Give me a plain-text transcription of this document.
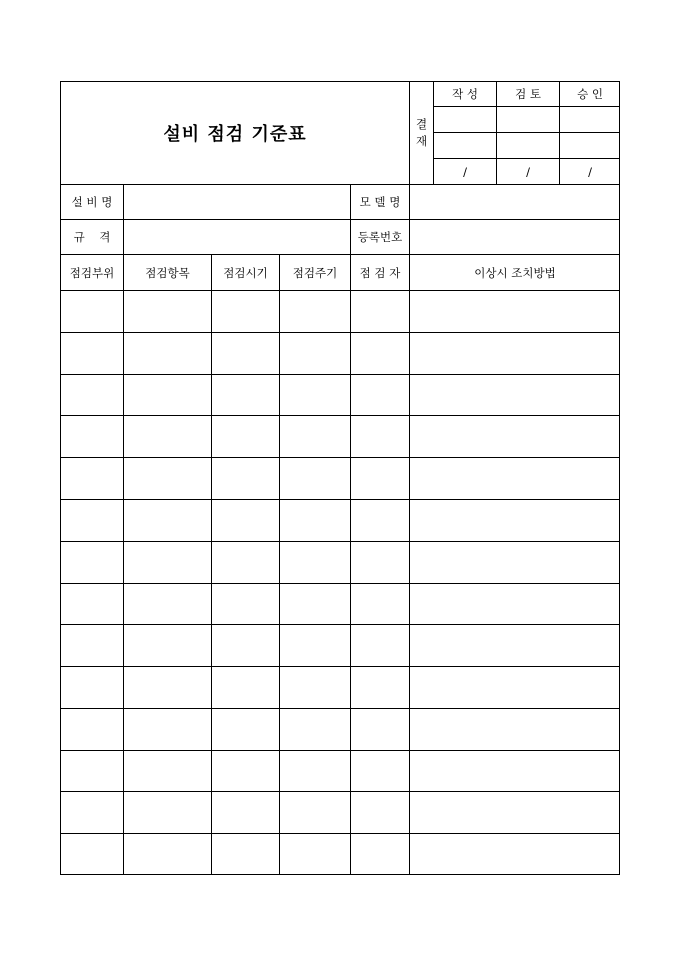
설비 점검 기준표	결
재
작 성	검 토	승 인
/	/	/
설 비 명	모 델 명
규    격	등록번호
점검부위	점검항목	점검시기	점검주기	점 검 자	이상시 조치방법
